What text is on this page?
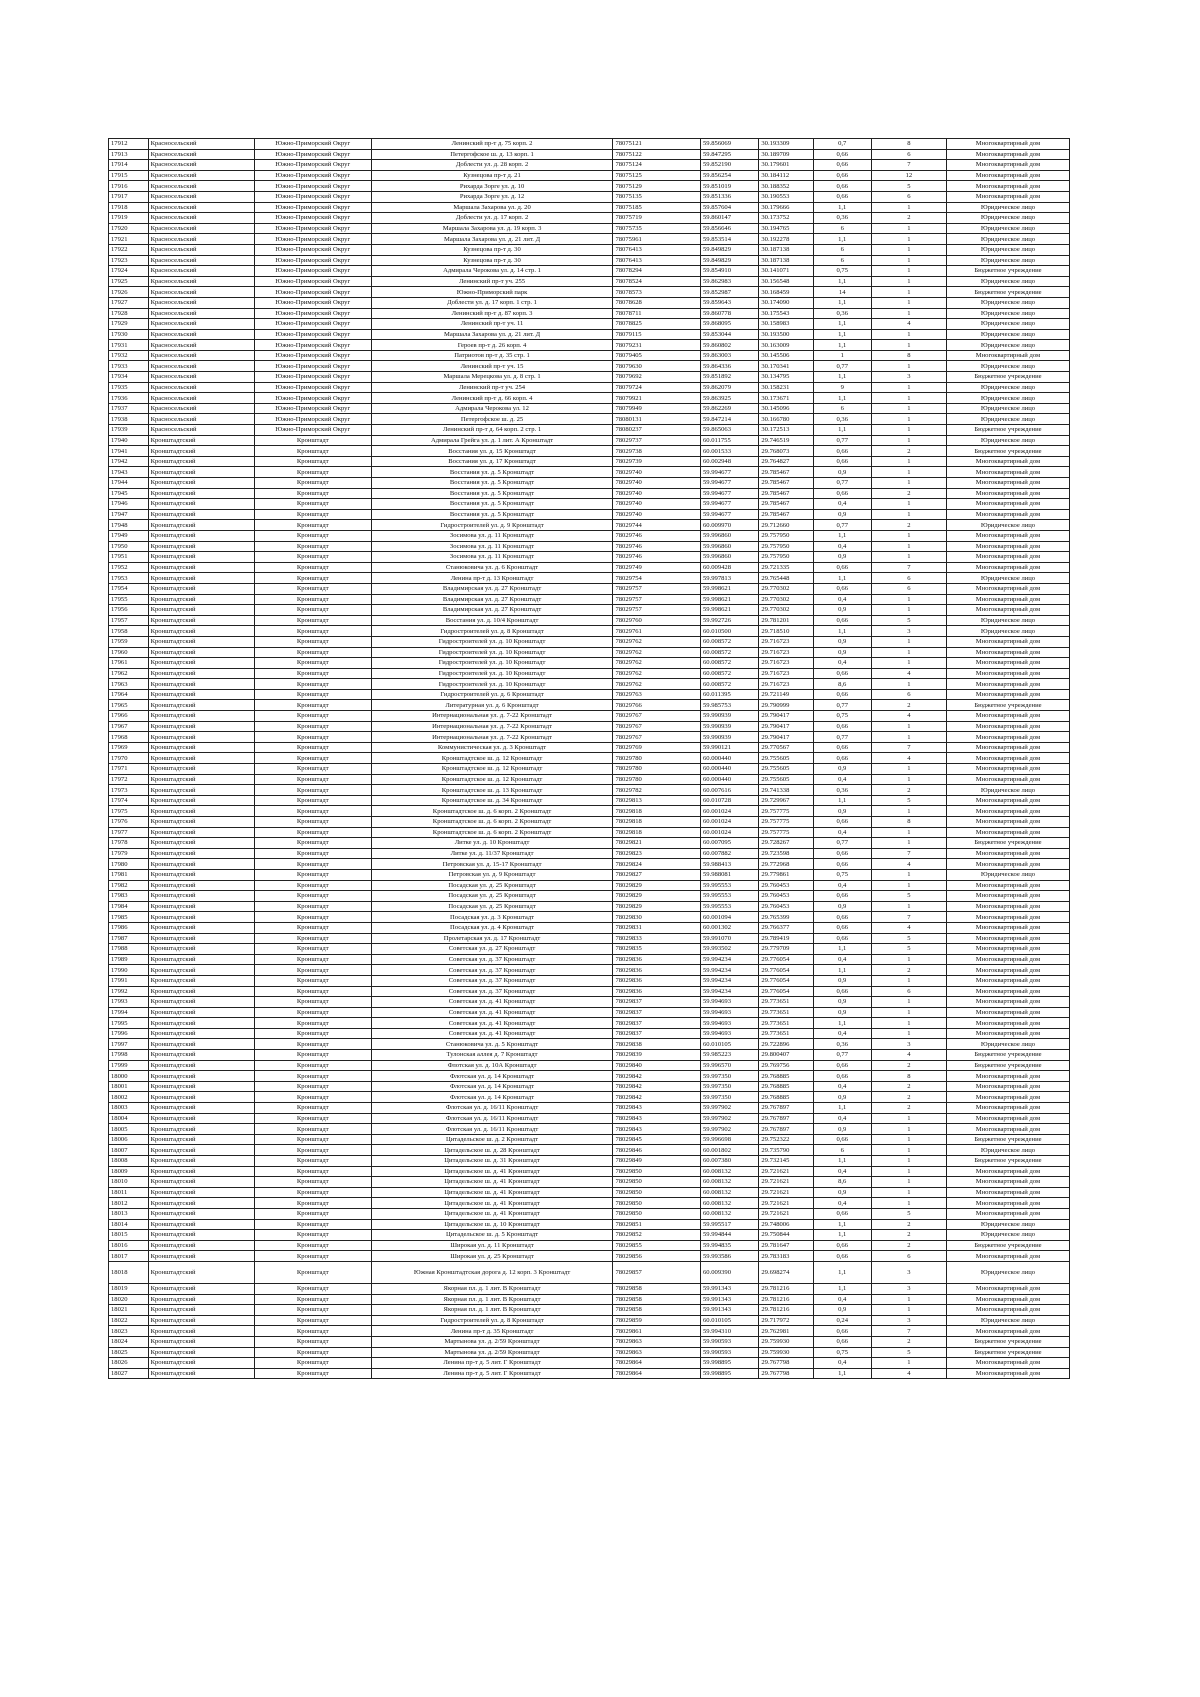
17912	Красносельский	Южно-Приморский Округ	Ленинский пр-т д. 75 корп. 2	78075121	59.856069	30.193309	0,7	8	Многоквартирный дом
17913	Красносельский	Южно-Приморский Округ	Петергофское ш. д. 13 корп. 1	78075122	59.847295	30.189709	0,66	6	Многоквартирный дом
17914	Красносельский	Южно-Приморский Округ	Доблести ул. д. 28 корп. 2	78075124	59.852190	30.179601	0,66	7	Многоквартирный дом
17915	Красносельский	Южно-Приморский Округ	Кузнецова пр-т д. 21	78075125	59.856254	30.184112	0,66	12	Многоквартирный дом
17916	Красносельский	Южно-Приморский Округ	Рихарда Зорге ул. д. 10	78075129	59.851019	30.188352	0,66	5	Многоквартирный дом
17917	Красносельский	Южно-Приморский Округ	Рихарда Зорге ул. д. 12	78075135	59.851336	30.190553	0,66	6	Многоквартирный дом
17918	Красносельский	Южно-Приморский Округ	Маршала Захарова ул. д. 20	78075185	59.857604	30.179666	1,1	1	Юридическое лицо
17919	Красносельский	Южно-Приморский Округ	Доблести ул. д. 17 корп. 2	78075719	59.860147	30.173752	0,36	2	Юридическое лицо
17920	Красносельский	Южно-Приморский Округ	Маршала Захарова ул. д. 19 корп. 3	78075735	59.856646	30.194765	6	1	Юридическое лицо
17921	Красносельский	Южно-Приморский Округ	Маршала Захарова ул. д. 21 лит. Д	78075961	59.853514	30.192278	1,1	1	Юридическое лицо
17922	Красносельский	Южно-Приморский Округ	Кузнецова пр-т д. 30	78076413	59.849829	30.187138	6	1	Юридическое лицо
17923	Красносельский	Южно-Приморский Округ	Кузнецова пр-т д. 30	78076413	59.849829	30.187138	6	1	Юридическое лицо
17924	Красносельский	Южно-Приморский Округ	Адмирала Черокова ул. д. 14 стр. 1	78078294	59.854910	30.141071	0,75	1	Бюджетное учреждение
17925	Красносельский	Южно-Приморский Округ	Ленинский пр-т уч. 255	78078524	59.862983	30.156548	1,1	1	Юридическое лицо
17926	Красносельский	Южно-Приморский Округ	Южно-Приморский парк	78078573	59.852987	30.168459	14	1	Бюджетное учреждение
17927	Красносельский	Южно-Приморский Округ	Доблести ул. д. 17 корп. 1 стр. 1	78078628	59.859643	30.174090	1,1	1	Юридическое лицо
17928	Красносельский	Южно-Приморский Округ	Ленинский пр-т д. 87 корп. 3	78078711	59.860778	30.175543	0,36	1	Юридическое лицо
17929	Красносельский	Южно-Приморский Округ	Ленинский пр-т уч. 11	78078825	59.868095	30.158983	1,1	4	Юридическое лицо
17930	Красносельский	Южно-Приморский Округ	Маршала Захарова ул. д. 21 лит. Д	78079115	59.853044	30.193500	1,1	1	Юридическое лицо
17931	Красносельский	Южно-Приморский Округ	Героев пр-т д. 26 корп. 4	78079231	59.860802	30.163009	1,1	1	Юридическое лицо
17932	Красносельский	Южно-Приморский Округ	Патриотов пр-т д. 35 стр. 1	78079405	59.863003	30.145506	1	8	Многоквартирный дом
17933	Красносельский	Южно-Приморский Округ	Ленинский пр-т уч. 15	78079630	59.864336	30.170341	0,77	1	Юридическое лицо
17934	Красносельский	Южно-Приморский Округ	Маршала Мерецкова ул. д. 8 стр. 1	78079692	59.851892	30.134795	1,1	3	Бюджетное учреждение
17935	Красносельский	Южно-Приморский Округ	Ленинский пр-т уч. 254	78079724	59.862079	30.158231	9	1	Юридическое лицо
17936	Красносельский	Южно-Приморский Округ	Ленинский пр-т д. 66 корп. 4	78079921	59.863925	30.173671	1,1	1	Юридическое лицо
17937	Красносельский	Южно-Приморский Округ	Адмирала Черокова ул. 12	78079949	59.862269	30.145096	6	1	Юридическое лицо
17938	Красносельский	Южно-Приморский Округ	Петергофское ш. д. 25	78080131	59.847214	30.166780	0,36	1	Юридическое лицо
17939	Красносельский	Южно-Приморский Округ	Ленинский пр-т д. 64 корп. 2 стр. 1	78080237	59.865063	30.172513	1,1	1	Бюджетное учреждение
17940	Кронштадтский	Кронштадт	Адмирала Грейга ул. д. 1 лит. А Кронштадт	78029737	60.011755	29.746519	0,77	1	Юридическое лицо
17941	Кронштадтский	Кронштадт	Восстания ул. д. 15 Кронштадт	78029738	60.001533	29.768073	0,66	2	Бюджетное учреждение
17942	Кронштадтский	Кронштадт	Восстания ул. д. 17 Кронштадт	78029739	60.002948	29.764827	0,66	1	Многоквартирный дом
17943	Кронштадтский	Кронштадт	Восстания ул. д. 5 Кронштадт	78029740	59.994677	29.785467	0,9	1	Многоквартирный дом
17944	Кронштадтский	Кронштадт	Восстания ул. д. 5 Кронштадт	78029740	59.994677	29.785467	0,77	1	Многоквартирный дом
17945	Кронштадтский	Кронштадт	Восстания ул. д. 5 Кронштадт	78029740	59.994677	29.785467	0,66	2	Многоквартирный дом
17946	Кронштадтский	Кронштадт	Восстания ул. д. 5 Кронштадт	78029740	59.994677	29.785467	0,4	1	Многоквартирный дом
17947	Кронштадтский	Кронштадт	Восстания ул. д. 5 Кронштадт	78029740	59.994677	29.785467	0,9	1	Многоквартирный дом
17948	Кронштадтский	Кронштадт	Гидростроителей ул. д. 9 Кронштадт	78029744	60.009970	29.712660	0,77	2	Юридическое лицо
17949	Кронштадтский	Кронштадт	Зосимова ул. д. 11 Кронштадт	78029746	59.996860	29.757950	1,1	1	Многоквартирный дом
17950	Кронштадтский	Кронштадт	Зосимова ул. д. 11 Кронштадт	78029746	59.996860	29.757950	0,4	1	Многоквартирный дом
17951	Кронштадтский	Кронштадт	Зосимова ул. д. 11 Кронштадт	78029746	59.996860	29.757950	0,9	1	Многоквартирный дом
17952	Кронштадтский	Кронштадт	Станюковича ул. д. 6 Кронштадт	78029749	60.009428	29.721335	0,66	7	Многоквартирный дом
17953	Кронштадтский	Кронштадт	Ленина пр-т д. 13 Кронштадт	78029754	59.997813	29.765448	1,1	6	Юридическое лицо
17954	Кронштадтский	Кронштадт	Владимирская ул. д. 27 Кронштадт	78029757	59.998621	29.770302	0,66	6	Многоквартирный дом
17955	Кронштадтский	Кронштадт	Владимирская ул. д. 27 Кронштадт	78029757	59.998621	29.770302	0,4	1	Многоквартирный дом
17956	Кронштадтский	Кронштадт	Владимирская ул. д. 27 Кронштадт	78029757	59.998621	29.770302	0,9	1	Многоквартирный дом
17957	Кронштадтский	Кронштадт	Восстания ул. д. 10/4 Кронштадт	78029760	59.992726	29.781201	0,66	5	Юридическое лицо
17958	Кронштадтский	Кронштадт	Гидростроителей ул. д. 8 Кронштадт	78029761	60.010500	29.718510	1,1	3	Юридическое лицо
17959	Кронштадтский	Кронштадт	Гидростроителей ул. д. 10 Кронштадт	78029762	60.008572	29.716723	0,9	1	Многоквартирный дом
17960	Кронштадтский	Кронштадт	Гидростроителей ул. д. 10 Кронштадт	78029762	60.008572	29.716723	0,9	1	Многоквартирный дом
17961	Кронштадтский	Кронштадт	Гидростроителей ул. д. 10 Кронштадт	78029762	60.008572	29.716723	0,4	1	Многоквартирный дом
17962	Кронштадтский	Кронштадт	Гидростроителей ул. д. 10 Кронштадт	78029762	60.008572	29.716723	0,66	4	Многоквартирный дом
17963	Кронштадтский	Кронштадт	Гидростроителей ул. д. 10 Кронштадт	78029762	60.008572	29.716723	8,6	1	Многоквартирный дом
17964	Кронштадтский	Кронштадт	Гидростроителей ул. д. 6 Кронштадт	78029763	60.011395	29.721149	0,66	6	Многоквартирный дом
17965	Кронштадтский	Кронштадт	Литературная ул. д. 6 Кронштадт	78029766	59.985753	29.790999	0,77	2	Бюджетное учреждение
17966	Кронштадтский	Кронштадт	Интернациональная ул. д. 7-22 Кронштадт	78029767	59.990939	29.790417	0,75	4	Многоквартирный дом
17967	Кронштадтский	Кронштадт	Интернациональная ул. д. 7-22 Кронштадт	78029767	59.990939	29.790417	0,66	1	Многоквартирный дом
17968	Кронштадтский	Кронштадт	Интернациональная ул. д. 7-22 Кронштадт	78029767	59.990939	29.790417	0,77	1	Многоквартирный дом
17969	Кронштадтский	Кронштадт	Коммунистическая ул. д. 3 Кронштадт	78029769	59.990121	29.770567	0,66	7	Многоквартирный дом
17970	Кронштадтский	Кронштадт	Кронштадтское ш. д. 12 Кронштадт	78029780	60.000440	29.755605	0,66	4	Многоквартирный дом
17971	Кронштадтский	Кронштадт	Кронштадтское ш. д. 12 Кронштадт	78029780	60.000440	29.755605	0,9	1	Многоквартирный дом
17972	Кронштадтский	Кронштадт	Кронштадтское ш. д. 12 Кронштадт	78029780	60.000440	29.755605	0,4	1	Многоквартирный дом
17973	Кронштадтский	Кронштадт	Кронштадтское ш. д. 13 Кронштадт	78029782	60.007616	29.741338	0,36	2	Юридическое лицо
17974	Кронштадтский	Кронштадт	Кронштадтское ш. д. 34 Кронштадт	78029813	60.010728	29.729967	1,1	5	Многоквартирный дом
17975	Кронштадтский	Кронштадт	Кронштадтское ш. д. 6 корп. 2 Кронштадт	78029818	60.001024	29.757775	0,9	1	Многоквартирный дом
17976	Кронштадтский	Кронштадт	Кронштадтское ш. д. 6 корп. 2 Кронштадт	78029818	60.001024	29.757775	0,66	8	Многоквартирный дом
17977	Кронштадтский	Кронштадт	Кронштадтское ш. д. 6 корп. 2 Кронштадт	78029818	60.001024	29.757775	0,4	1	Многоквартирный дом
17978	Кронштадтский	Кронштадт	Литке ул. д. 10 Кронштадт	78029821	60.007095	29.728267	0,77	1	Бюджетное учреждение
17979	Кронштадтский	Кронштадт	Литке ул. д. 11/37 Кронштадт	78029823	60.007882	29.723598	0,66	7	Многоквартирный дом
17980	Кронштадтский	Кронштадт	Петровская ул. д. 15-17 Кронштадт	78029824	59.988413	29.772968	0,66	4	Многоквартирный дом
17981	Кронштадтский	Кронштадт	Петровская ул. д. 9 Кронштадт	78029827	59.988081	29.779861	0,75	1	Юридическое лицо
17982	Кронштадтский	Кронштадт	Посадская ул. д. 25 Кронштадт	78029829	59.995553	29.760453	0,4	1	Многоквартирный дом
17983	Кронштадтский	Кронштадт	Посадская ул. д. 25 Кронштадт	78029829	59.995553	29.760453	0,66	5	Многоквартирный дом
17984	Кронштадтский	Кронштадт	Посадская ул. д. 25 Кронштадт	78029829	59.995553	29.760453	0,9	1	Многоквартирный дом
17985	Кронштадтский	Кронштадт	Посадская ул. д. 3 Кронштадт	78029830	60.001094	29.765399	0,66	7	Многоквартирный дом
17986	Кронштадтский	Кронштадт	Посадская ул. д. 4 Кронштадт	78029831	60.001302	29.766377	0,66	4	Многоквартирный дом
17987	Кронштадтский	Кронштадт	Пролетарская ул. д. 17 Кронштадт	78029833	59.991070	29.789419	0,66	5	Многоквартирный дом
17988	Кронштадтский	Кронштадт	Советская ул. д. 27 Кронштадт	78029835	59.993502	29.779709	1,1	5	Многоквартирный дом
17989	Кронштадтский	Кронштадт	Советская ул. д. 37 Кронштадт	78029836	59.994234	29.776054	0,4	1	Многоквартирный дом
17990	Кронштадтский	Кронштадт	Советская ул. д. 37 Кронштадт	78029836	59.994234	29.776054	1,1	2	Многоквартирный дом
17991	Кронштадтский	Кронштадт	Советская ул. д. 37 Кронштадт	78029836	59.994234	29.776054	0,9	1	Многоквартирный дом
17992	Кронштадтский	Кронштадт	Советская ул. д. 37 Кронштадт	78029836	59.994234	29.776054	0,66	6	Многоквартирный дом
17993	Кронштадтский	Кронштадт	Советская ул. д. 41 Кронштадт	78029837	59.994693	29.773651	0,9	1	Многоквартирный дом
17994	Кронштадтский	Кронштадт	Советская ул. д. 41 Кронштадт	78029837	59.994693	29.773651	0,9	1	Многоквартирный дом
17995	Кронштадтский	Кронштадт	Советская ул. д. 41 Кронштадт	78029837	59.994693	29.773651	1,1	1	Многоквартирный дом
17996	Кронштадтский	Кронштадт	Советская ул. д. 41 Кронштадт	78029837	59.994693	29.773651	0,4	1	Многоквартирный дом
17997	Кронштадтский	Кронштадт	Станюковича ул. д. 5 Кронштадт	78029838	60.010105	29.722896	0,36	3	Юридическое лицо
17998	Кронштадтский	Кронштадт	Тулонская аллея д. 7 Кронштадт	78029839	59.985223	29.800407	0,77	4	Бюджетное учреждение
17999	Кронштадтский	Кронштадт	Флотская ул. д. 10А Кронштадт	78029840	59.996570	29.769756	0,66	2	Бюджетное учреждение
18000	Кронштадтский	Кронштадт	Флотская ул. д. 14 Кронштадт	78029842	59.997350	29.768885	0,66	8	Многоквартирный дом
18001	Кронштадтский	Кронштадт	Флотская ул. д. 14 Кронштадт	78029842	59.997350	29.768885	0,4	2	Многоквартирный дом
18002	Кронштадтский	Кронштадт	Флотская ул. д. 14 Кронштадт	78029842	59.997350	29.768885	0,9	2	Многоквартирный дом
18003	Кронштадтский	Кронштадт	Флотская ул. д. 16/11 Кронштадт	78029843	59.997902	29.767897	1,1	2	Многоквартирный дом
18004	Кронштадтский	Кронштадт	Флотская ул. д. 16/11 Кронштадт	78029843	59.997902	29.767897	0,4	1	Многоквартирный дом
18005	Кронштадтский	Кронштадт	Флотская ул. д. 16/11 Кронштадт	78029843	59.997902	29.767897	0,9	1	Многоквартирный дом
18006	Кронштадтский	Кронштадт	Цитадельское ш. д. 2 Кронштадт	78029845	59.996698	29.752322	0,66	1	Бюджетное учреждение
18007	Кронштадтский	Кронштадт	Цитадельское ш. д. 28 Кронштадт	78029846	60.001802	29.735790	6	1	Юридическое лицо
18008	Кронштадтский	Кронштадт	Цитадельское ш. д. 31 Кронштадт	78029849	60.007380	29.732145	1,1	1	Бюджетное учреждение
18009	Кронштадтский	Кронштадт	Цитадельское ш. д. 41 Кронштадт	78029850	60.008132	29.721621	0,4	1	Многоквартирный дом
18010	Кронштадтский	Кронштадт	Цитадельское ш. д. 41 Кронштадт	78029850	60.008132	29.721621	8,6	1	Многоквартирный дом
18011	Кронштадтский	Кронштадт	Цитадельское ш. д. 41 Кронштадт	78029850	60.008132	29.721621	0,9	1	Многоквартирный дом
18012	Кронштадтский	Кронштадт	Цитадельское ш. д. 41 Кронштадт	78029850	60.008132	29.721621	0,4	1	Многоквартирный дом
18013	Кронштадтский	Кронштадт	Цитадельское ш. д. 41 Кронштадт	78029850	60.008132	29.721621	0,66	5	Многоквартирный дом
18014	Кронштадтский	Кронштадт	Цитадельское ш. д. 10 Кронштадт	78029851	59.995517	29.748006	1,1	2	Юридическое лицо
18015	Кронштадтский	Кронштадт	Цитадельское ш. д. 5 Кронштадт	78029852	59.994844	29.750844	1,1	2	Юридическое лицо
18016	Кронштадтский	Кронштадт	Широкая ул. д. 11 Кронштадт	78029855	59.994835	29.781647	0,66	2	Бюджетное учреждение
18017	Кронштадтский	Кронштадт	Широкая ул. д. 25 Кронштадт	78029856	59.993586	29.783183	0,66	6	Многоквартирный дом
18018	Кронштадтский	Кронштадт	Южная Кронштадтская дорога д. 12 корп. 3 Кронштадт	78029857	60.009390	29.698274	1,1	3	Юридическое лицо
18019	Кронштадтский	Кронштадт	Якорная пл. д. 1 лит. В Кронштадт	78029858	59.991343	29.781216	1,1	3	Многоквартирный дом
18020	Кронштадтский	Кронштадт	Якорная пл. д. 1 лит. В Кронштадт	78029858	59.991343	29.781216	0,4	1	Многоквартирный дом
18021	Кронштадтский	Кронштадт	Якорная пл. д. 1 лит. В Кронштадт	78029858	59.991343	29.781216	0,9	1	Многоквартирный дом
18022	Кронштадтский	Кронштадт	Гидростроителей ул. д. 8 Кронштадт	78029859	60.010105	29.717972	0,24	3	Юридическое лицо
18023	Кронштадтский	Кронштадт	Ленина пр-т д. 35 Кронштадт	78029861	59.994310	29.762981	0,66	7	Многоквартирный дом
18024	Кронштадтский	Кронштадт	Мартынова ул. д. 2/59 Кронштадт	78029863	59.990593	29.759930	0,66	2	Бюджетное учреждение
18025	Кронштадтский	Кронштадт	Мартынова ул. д. 2/59 Кронштадт	78029863	59.990593	29.759930	0,75	5	Бюджетное учреждение
18026	Кронштадтский	Кронштадт	Ленина пр-т д. 5 лит. Г Кронштадт	78029864	59.998895	29.767798	0,4	1	Многоквартирный дом
18027	Кронштадтский	Кронштадт	Ленина пр-т д. 5 лит. Г Кронштадт	78029864	59.998895	29.767798	1,1	4	Многоквартирный дом
